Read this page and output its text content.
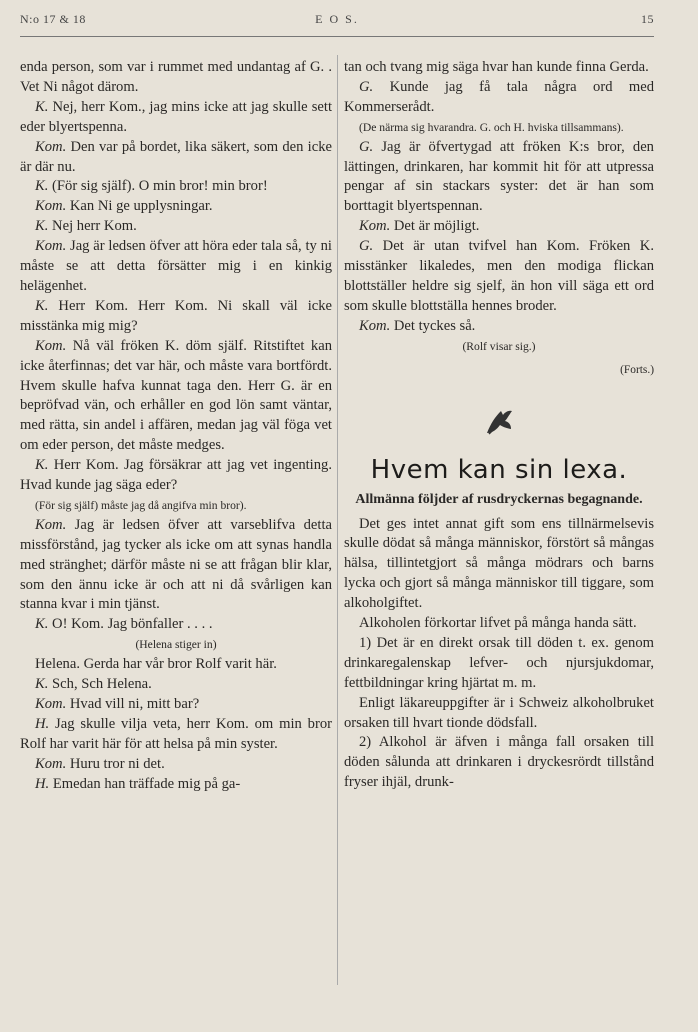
N:o 17 & 18	E O S.	15

enda person, som var i rummet med undantag af G. . Vet Ni något därom.

K. Nej, herr Kom., jag mins icke att jag skulle sett eder blyertspenna.

Kom. Den var på bordet, lika säkert, som den icke är där nu.

K. (För sig själf). O min bror! min bror!

Kom. Kan Ni ge upplysningar.

K. Nej herr Kom.

Kom. Jag är ledsen öfver att höra eder tala så, ty ni måste se att detta försätter mig i en kinkig helägenhet.

K. Herr Kom. Herr Kom. Ni skall väl icke misstänka mig mig?

Kom. Nå väl fröken K. döm själf. Ritstiftet kan icke återfinnas; det var här, och måste vara bortfördt. Hvem skulle hafva kunnat taga den. Herr G. är en bepröfvad vän, och erhåller en god lön samt väntar, med rätta, sin andel i affären, medan jag väl föga vet om eder person, det måste medges.

K. Herr Kom. Jag försäkrar att jag vet ingenting. Hvad kunde jag säga eder?

(För sig själf) måste jag då angifva min bror).

Kom. Jag är ledsen öfver att varseblifva detta missförstånd, jag tycker als icke om att synas handla med stränghet; därför måste ni se att frågan blir klar, som den ännu icke är och att ni då svårligen kan stanna kvar i min tjänst.

K. O! Kom. Jag bönfaller . . . .

(Helena stiger in)

Helena. Gerda har vår bror Rolf varit här.

K. Sch, Sch Helena.

Kom. Hvad vill ni, mitt bar?

H. Jag skulle vilja veta, herr Kom. om min bror Rolf har varit här för att helsa på min syster.

Kom. Huru tror ni det.

H. Emedan han träffade mig på ga-

tan och tvang mig säga hvar han kunde finna Gerda.

G. Kunde jag få tala några ord med Kommerserådt.

(De närma sig hvarandra. G. och H. hviska tillsammans).

G. Jag är öfvertygad att fröken K:s bror, den lättingen, drinkaren, har kommit hit för att utpressa pengar af sin stackars syster: det är han som borttagit blyertspennan.

Kom. Det är möjligt.

G. Det är utan tvifvel han Kom. Fröken K. misstänker likaledes, men den modiga flickan blottställer heldre sig sjelf, än hon vill säga ett ord som skulle blottställa hennes broder.

Kom. Det tyckes så.

(Rolf visar sig.)

(Forts.)
Hvem kan sin lexa.
Allmänna följder af rusdryckernas begagnande.

Det ges intet annat gift som ens tillnärmelsevis skulle dödat så många människor, förstört så mångas hälsa, tillintetgjort så många mödrars och barns lycka och gjort så många människor till tiggare, som alkoholgiftet.

Alkoholen förkortar lifvet på många handa sätt.

1) Det är en direkt orsak till döden t. ex. genom drinkaregalenskap lefver- och njursjukdomar, fettbildningar kring hjärtat m. m.

Enligt läkareuppgifter är i Schweiz alkoholbruket orsaken till hvart tionde dödsfall.

2) Alkohol är äfven i många fall orsaken till döden sålunda att drinkaren i dryckesrördt tillstånd fryser ihjäl, drunk-
